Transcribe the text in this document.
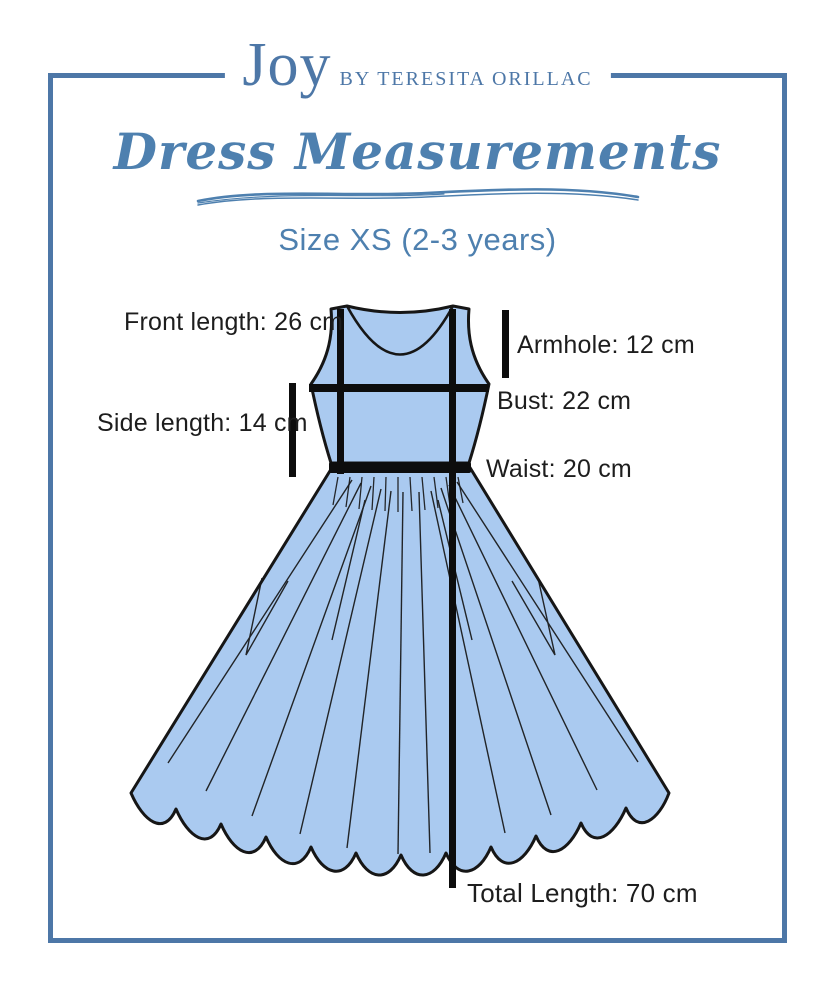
Joy BY TERESITA ORILLAC
Dress Measurements
Size XS (2-3 years)
Front length: 26 cm
Armhole: 12 cm
Bust: 22 cm
Side length: 14 cm
Waist: 20 cm
Total Length: 70 cm
